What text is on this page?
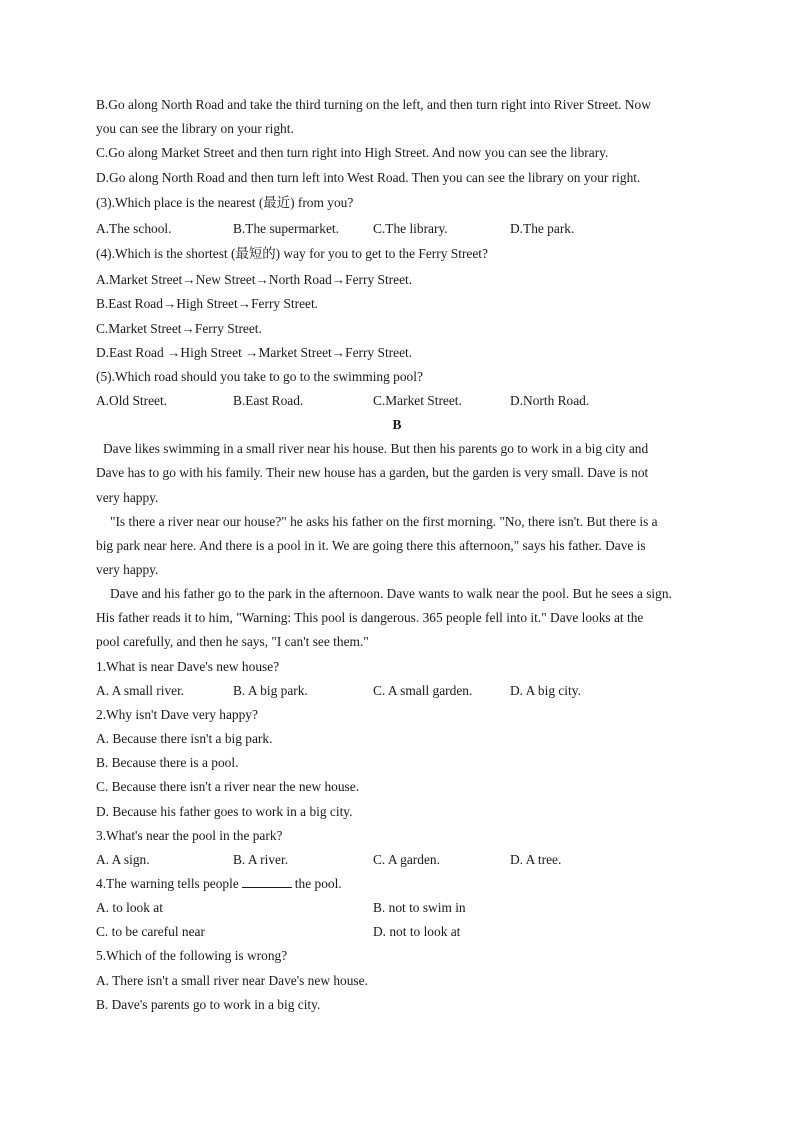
B.Go along North Road and take the third turning on the left, and then turn right into River Street. Now
you can see the library on your right.
C.Go along Market Street and then turn right into High Street. And now you can see the library.
D.Go along North Road and then turn left into West Road. Then you can see the library on your right.
(3).Which place is the nearest (最近) from you?
A.The school.	B.The supermarket.	C.The library.	D.The park.
(4).Which is the shortest (最短的) way for you to get to the Ferry Street?
A.Market Street→New Street→North Road→Ferry Street.
B.East Road→High Street→Ferry Street.
C.Market Street→Ferry Street.
D.East Road →High Street →Market Street→Ferry Street.
(5).Which road should you take to go to the swimming pool?
A.Old Street.	B.East Road.	C.Market Street.	D.North Road.
B
Dave likes swimming in a small river near his house. But then his parents go to work in a big city and
Dave has to go with his family. Their new house has a garden, but the garden is very small. Dave is not
very happy.
"Is there a river near our house?" he asks his father on the first morning. "No, there isn't. But there is a
big park near here. And there is a pool in it. We are going there this afternoon," says his father. Dave is
very happy.
Dave and his father go to the park in the afternoon. Dave wants to walk near the pool. But he sees a sign.
His father reads it to him, "Warning: This pool is dangerous. 365 people fell into it." Dave looks at the
pool carefully, and then he says, "I can't see them."
1.What is near Dave's new house?
A. A small river.	B. A big park.	C. A small garden.	D. A big city.
2.Why isn't Dave very happy?
A. Because there isn't a big park.
B. Because there is a pool.
C. Because there isn't a river near the new house.
D. Because his father goes to work in a big city.
3.What's near the pool in the park?
A. A sign.	B. A river.	C. A garden.	D. A tree.
4.The warning tells people	the pool.
A. to look at	B. not to swim in
C. to be careful near	D. not to look at
5.Which of the following is wrong?
A. There isn't a small river near Dave's new house.
B. Dave's parents go to work in a big city.
